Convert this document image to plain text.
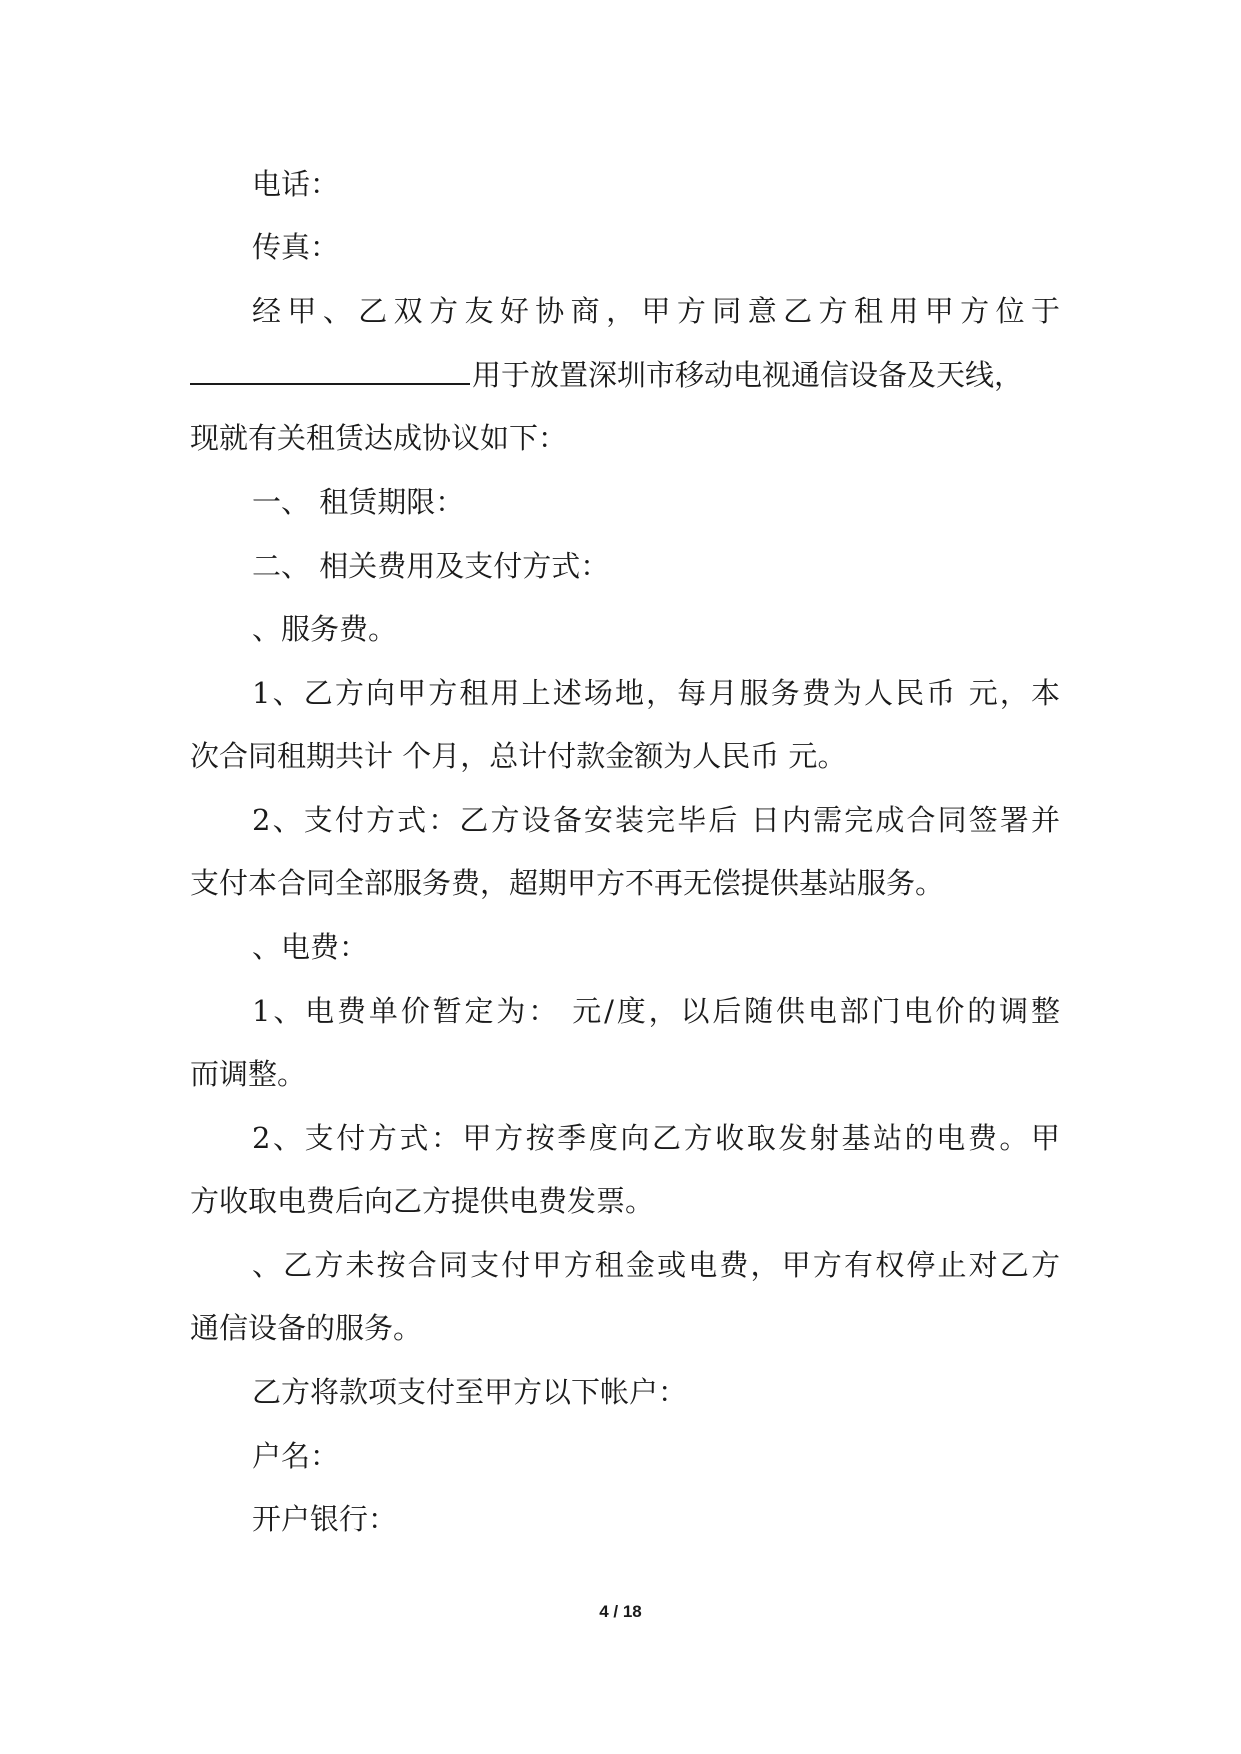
电话：
传真：
经甲、乙双方友好协商，甲方同意乙方租用甲方位于
用于放置深圳市移动电视通信设备及天线，
现就有关租赁达成协议如下：
一、 租赁期限：
二、 相关费用及支付方式：
、服务费。
1、乙方向甲方租用上述场地，每月服务费为人民币 元，本
次合同租期共计 个月，总计付款金额为人民币 元。
2、支付方式：乙方设备安装完毕后 日内需完成合同签署并
支付本合同全部服务费，超期甲方不再无偿提供基站服务。
、电费：
1、电费单价暂定为： 元/度，以后随供电部门电价的调整
而调整。
2、支付方式：甲方按季度向乙方收取发射基站的电费。甲
方收取电费后向乙方提供电费发票。
、乙方未按合同支付甲方租金或电费，甲方有权停止对乙方
通信设备的服务。
乙方将款项支付至甲方以下帐户：
户名：
开户银行：
4 / 18
